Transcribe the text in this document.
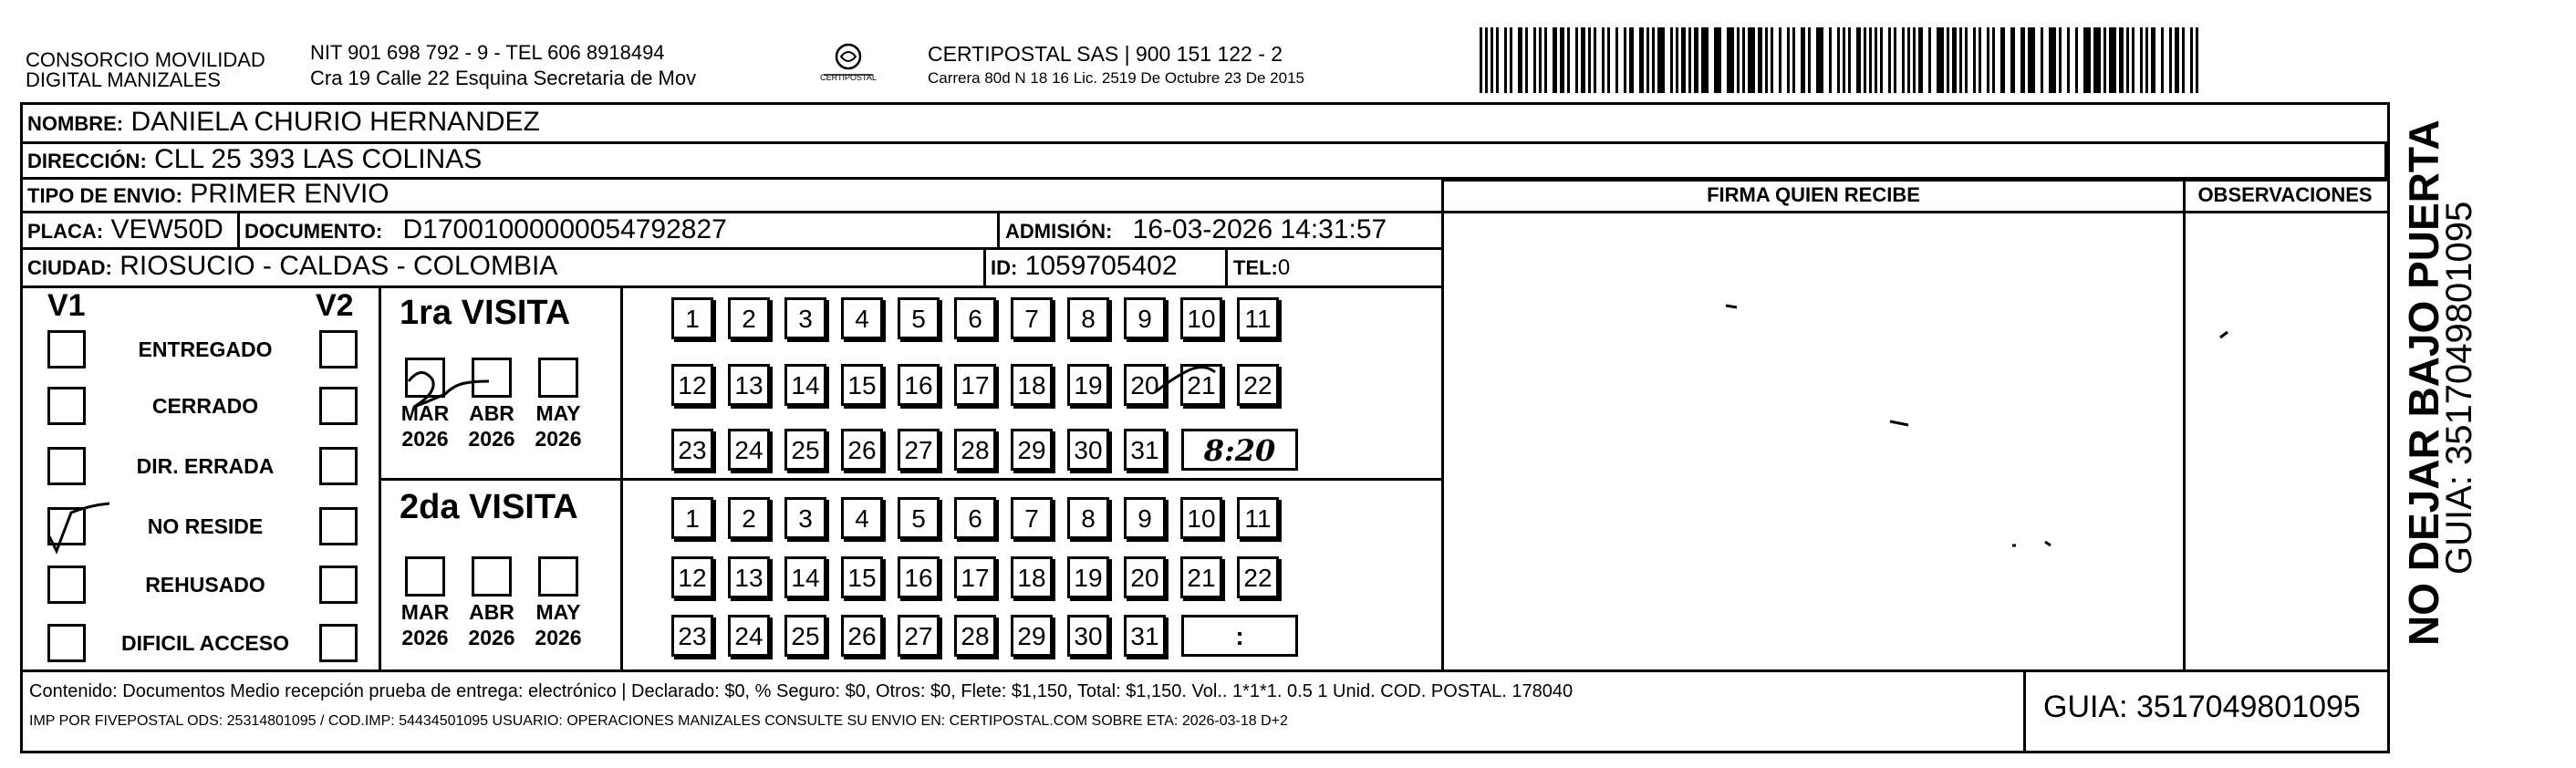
CONSORCIO MOVILIDAD
DIGITAL MANIZALES
NIT 901 698 792 - 9 - TEL 606 8918494
Cra 19 Calle 22 Esquina Secretaria de Mov	CERTIPOSTAL
CERTIPOSTAL SAS | 900 151 122 - 2
Carrera 80d N 18 16 Lic. 2519 De Octubre 23 De 2015
NOMBRE: DANIELA CHURIO HERNANDEZ
DIRECCIÓN: CLL 25 393 LAS COLINAS
TIPO DE ENVIO: PRIMER ENVIO
PLACA: VEW50D DOCUMENTO: D17001000000054792827	ADMISIÓN: 16-03-2026 14:31:57
CIUDAD: RIOSUCIO - CALDAS - COLOMBIA	ID: 1059705402	TEL:0
FIRMA QUIEN RECIBE	OBSERVACIONES
V1	V2
ENTREGADO
CERRADO
DIR. ERRADA
NO RESIDE
REHUSADO
DIFICIL ACCESO
1ra VISITA
2da VISITA
MAR
2026
ABR
2026
MAY
2026
MAR
2026
ABR
2026
MAY
2026
1	2	3	4	5	6	7	8	9	10	11
12 13 14 15 16 17 18 19 20 21 22
23 24 25 26 27 28 29 30 31	8:20
1	2	3	4	5	6	7	8	9	10	11
12 13 14 15 16 17 18 19 20 21 22
23 24 25 26 27 28 29 30 31	:
Contenido: Documentos Medio recepción prueba de entrega: electrónico | Declarado: $0, % Seguro: $0, Otros: $0, Flete: $1,150, Total: $1,150. Vol.. 1*1*1. 0.5 1 Unid. COD. POSTAL. 178040
IMP POR FIVEPOSTAL ODS: 25314801095 / COD.IMP: 54434501095 USUARIO: OPERACIONES MANIZALES CONSULTE SU ENVIO EN: CERTIPOSTAL.COM SOBRE ETA: 2026-03-18 D+2	GUIA: 3517049801095
NO DEJAR BAJO PUERTA
GUIA: 3517049801095
